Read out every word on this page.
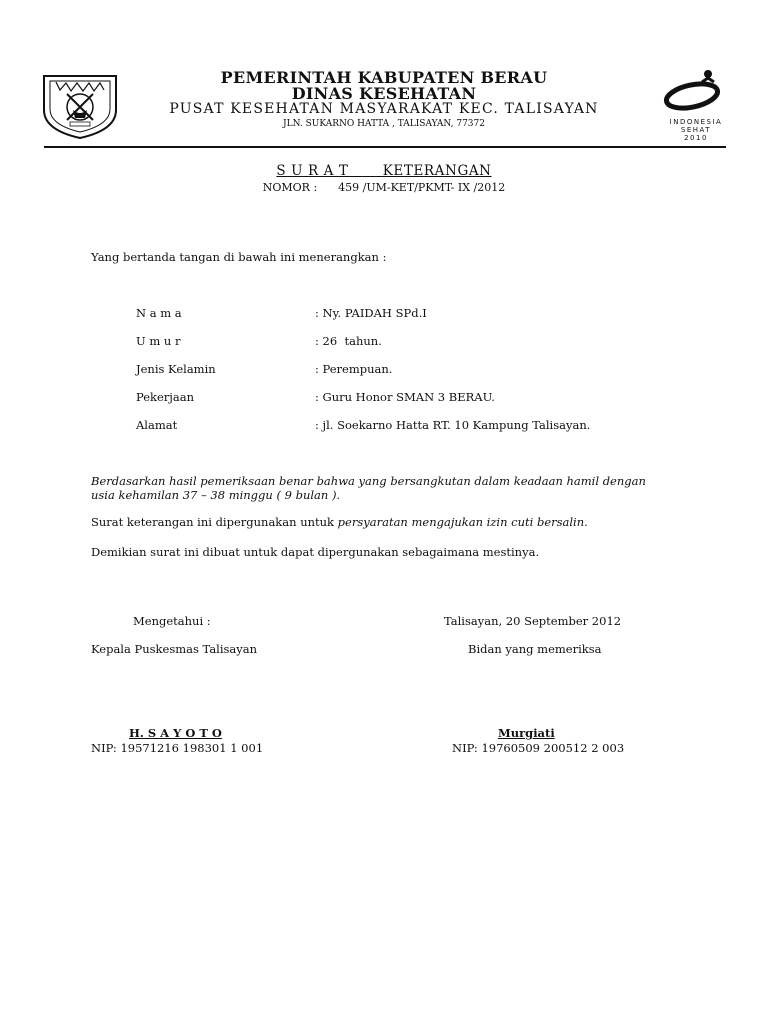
PEMERINTAH KABUPATEN BERAU
DINAS KESEHATAN
PUSAT KESEHATAN MASYARAKAT KEC. TALISAYAN
JLN. SUKARNO HATTA , TALISAYAN, 77372	INDONESIA
SEHAT
2010
S U R A T       KETERANGAN
NOMOR :      459 /UM-KET/PKMT- IX /2012
Yang bertanda tangan di bawah ini menerangkan :
N a m a	: Ny. PAIDAH SPd.I
U m u r	: 26  tahun.
Jenis Kelamin	: Perempuan.
Pekerjaan	: Guru Honor SMAN 3 BERAU.
Alamat	: jl. Soekarno Hatta RT. 10 Kampung Talisayan.
Berdasarkan hasil pemeriksaan benar bahwa yang bersangkutan dalam keadaan hamil dengan
usia kehamilan 37 – 38 minggu ( 9 bulan ).
Surat keterangan ini dipergunakan untuk persyaratan mengajukan izin cuti bersalin.
Demikian surat ini dibuat untuk dapat dipergunakan sebagaimana mestinya.
Mengetahui :	Talisayan, 20 September 2012
Kepala Puskesmas Talisayan	Bidan yang memeriksa
H. S A Y O T O	Murgiati
NIP: 19571216 198301 1 001	NIP: 19760509 200512 2 003
